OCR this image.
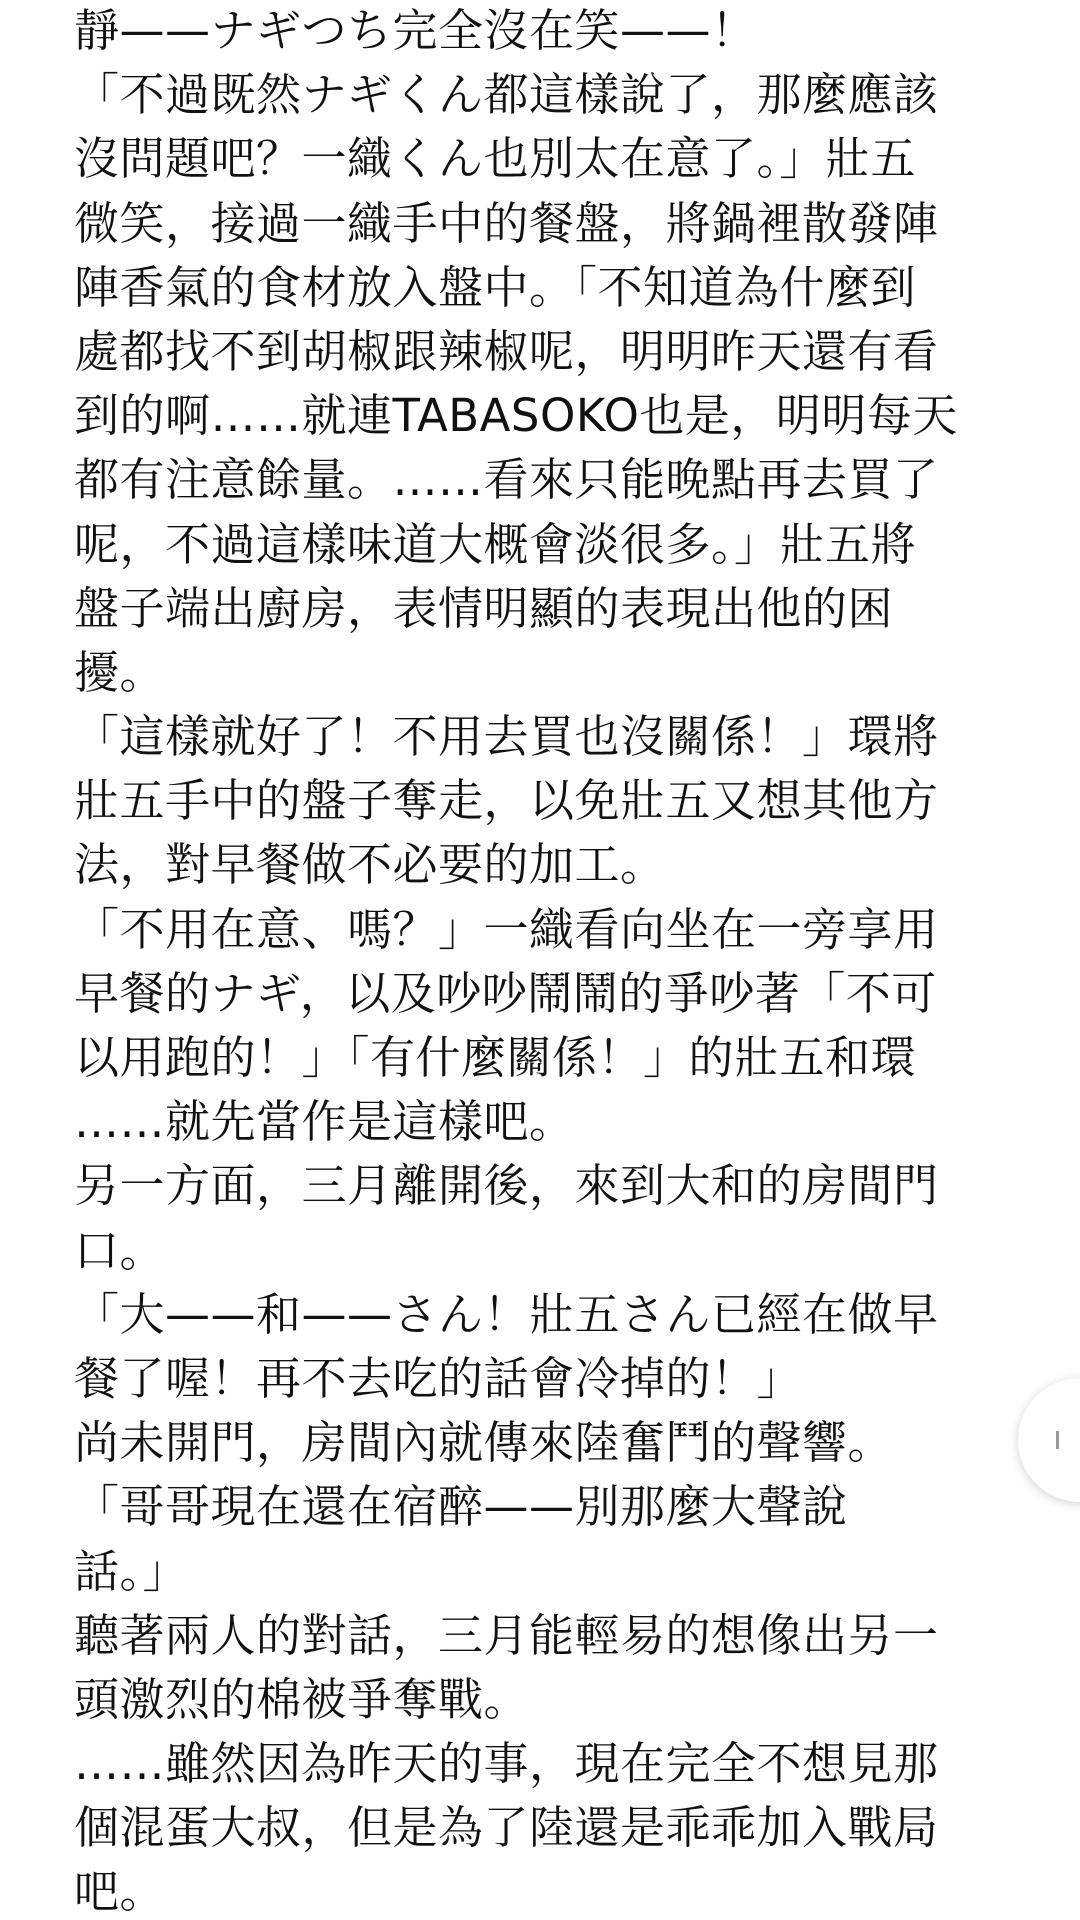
靜——ナギつち完全沒在笑——！
「不過既然ナギくん都這樣說了，那麼應該
沒問題吧？一織くん也別太在意了。」壯五
微笑，接過一織手中的餐盤，將鍋裡散發陣
陣香氣的食材放入盤中。「不知道為什麼到
處都找不到胡椒跟辣椒呢，明明昨天還有看
到的啊……就連TABASOKO也是，明明每天
都有注意餘量。……看來只能晚點再去買了
呢，不過這樣味道大概會淡很多。」壯五將
盤子端出廚房，表情明顯的表現出他的困
擾。
「這樣就好了！不用去買也沒關係！」環將
壯五手中的盤子奪走，以免壯五又想其他方
法，對早餐做不必要的加工。
「不用在意、嗎？」一織看向坐在一旁享用
早餐的ナギ，以及吵吵鬧鬧的爭吵著「不可
以用跑的！」「有什麼關係！」的壯五和環
……就先當作是這樣吧。
另一方面，三月離開後，來到大和的房間門
口。
「大——和——さん！壯五さん已經在做早
餐了喔！再不去吃的話會冷掉的！」
尚未開門，房間內就傳來陸奮鬥的聲響。
「哥哥現在還在宿醉——別那麼大聲說
話。」
聽著兩人的對話，三月能輕易的想像出另一
頭激烈的棉被爭奪戰。
……雖然因為昨天的事，現在完全不想見那
個混蛋大叔，但是為了陸還是乖乖加入戰局
吧。
